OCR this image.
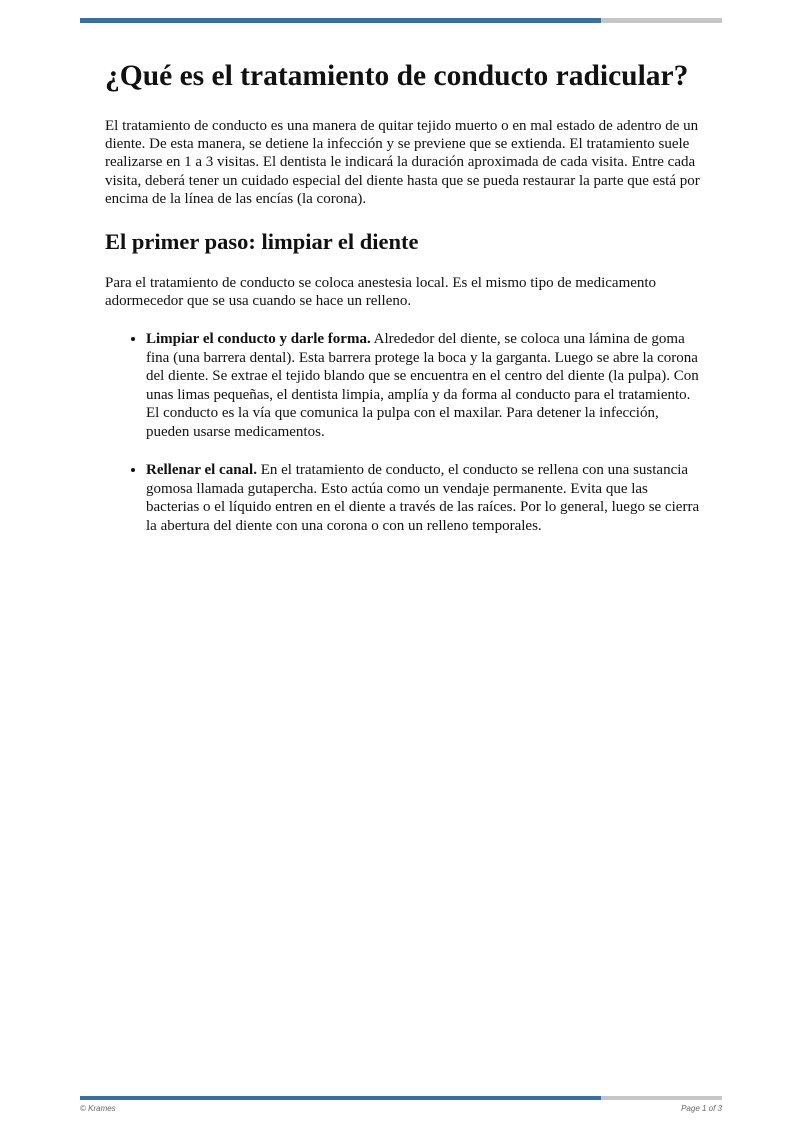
¿Qué es el tratamiento de conducto radicular?

El tratamiento de conducto es una manera de quitar tejido muerto o en mal estado de adentro de un diente. De esta manera, se detiene la infección y se previene que se extienda. El tratamiento suele realizarse en 1 a 3 visitas. El dentista le indicará la duración aproximada de cada visita. Entre cada visita, deberá tener un cuidado especial del diente hasta que se pueda restaurar la parte que está por encima de la línea de las encías (la corona).

El primer paso: limpiar el diente

Para el tratamiento de conducto se coloca anestesia local. Es el mismo tipo de medicamento adormecedor que se usa cuando se hace un relleno.

• Limpiar el conducto y darle forma. Alrededor del diente, se coloca una lámina de goma fina (una barrera dental). Esta barrera protege la boca y la garganta. Luego se abre la corona del diente. Se extrae el tejido blando que se encuentra en el centro del diente (la pulpa). Con unas limas pequeñas, el dentista limpia, amplía y da forma al conducto para el tratamiento. El conducto es la vía que comunica la pulpa con el maxilar. Para detener la infección, pueden usarse medicamentos.
• Rellenar el canal. En el tratamiento de conducto, el conducto se rellena con una sustancia gomosa llamada gutapercha. Esto actúa como un vendaje permanente. Evita que las bacterias o el líquido entren en el diente a través de las raíces. Por lo general, luego se cierra la abertura del diente con una corona o con un relleno temporales.
© Krames	Page 1 of 3
